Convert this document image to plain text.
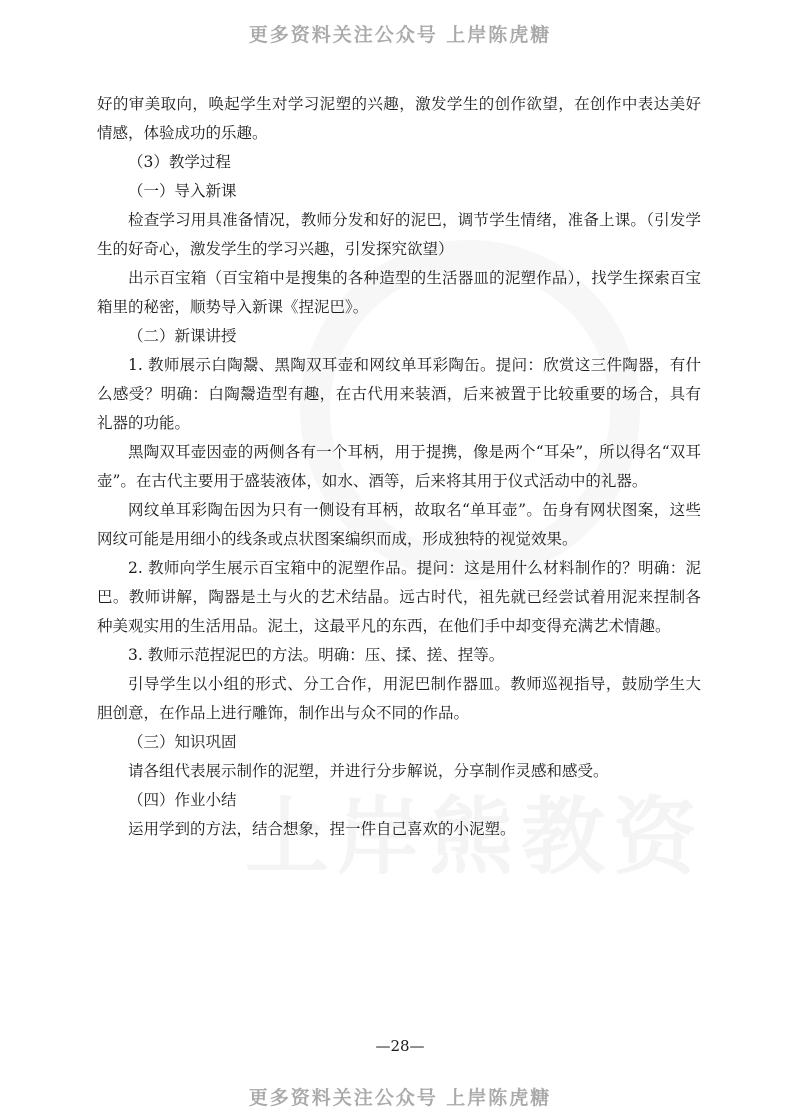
更多资料关注公众号 上岸陈虎糖

好的审美取向，唤起学生对学习泥塑的兴趣，激发学生的创作欲望，在创作中表达美好情感，体验成功的乐趣。

（3）教学过程

（一）导入新课

检查学习用具准备情况，教师分发和好的泥巴，调节学生情绪，准备上课。（引发学生的好奇心，激发学生的学习兴趣，引发探究欲望）

出示百宝箱（百宝箱中是搜集的各种造型的生活器皿的泥塑作品），找学生探索百宝箱里的秘密，顺势导入新课《捏泥巴》。

（二）新课讲授

1. 教师展示白陶鬶、黑陶双耳壶和网纹单耳彩陶缶。提问：欣赏这三件陶器，有什么感受？明确：白陶鬶造型有趣，在古代用来装酒，后来被置于比较重要的场合，具有礼器的功能。

黑陶双耳壶因壶的两侧各有一个耳柄，用于提携，像是两个“耳朵”，所以得名“双耳壶”。在古代主要用于盛装液体，如水、酒等，后来将其用于仪式活动中的礼器。

网纹单耳彩陶缶因为只有一侧设有耳柄，故取名“单耳壶”。缶身有网状图案，这些网纹可能是用细小的线条或点状图案编织而成，形成独特的视觉效果。

2. 教师向学生展示百宝箱中的泥塑作品。提问：这是用什么材料制作的？明确：泥巴。教师讲解，陶器是土与火的艺术结晶。远古时代，祖先就已经尝试着用泥来捏制各种美观实用的生活用品。泥土，这最平凡的东西，在他们手中却变得充满艺术情趣。

3. 教师示范捏泥巴的方法。明确：压、揉、搓、捏等。

引导学生以小组的形式、分工合作，用泥巴制作器皿。教师巡视指导，鼓励学生大胆创意，在作品上进行雕饰，制作出与众不同的作品。

（三）知识巩固

请各组代表展示制作的泥塑，并进行分步解说，分享制作灵感和感受。

（四）作业小结

运用学到的方法，结合想象，捏一件自己喜欢的小泥塑。

—28—
更多资料关注公众号 上岸陈虎糖
